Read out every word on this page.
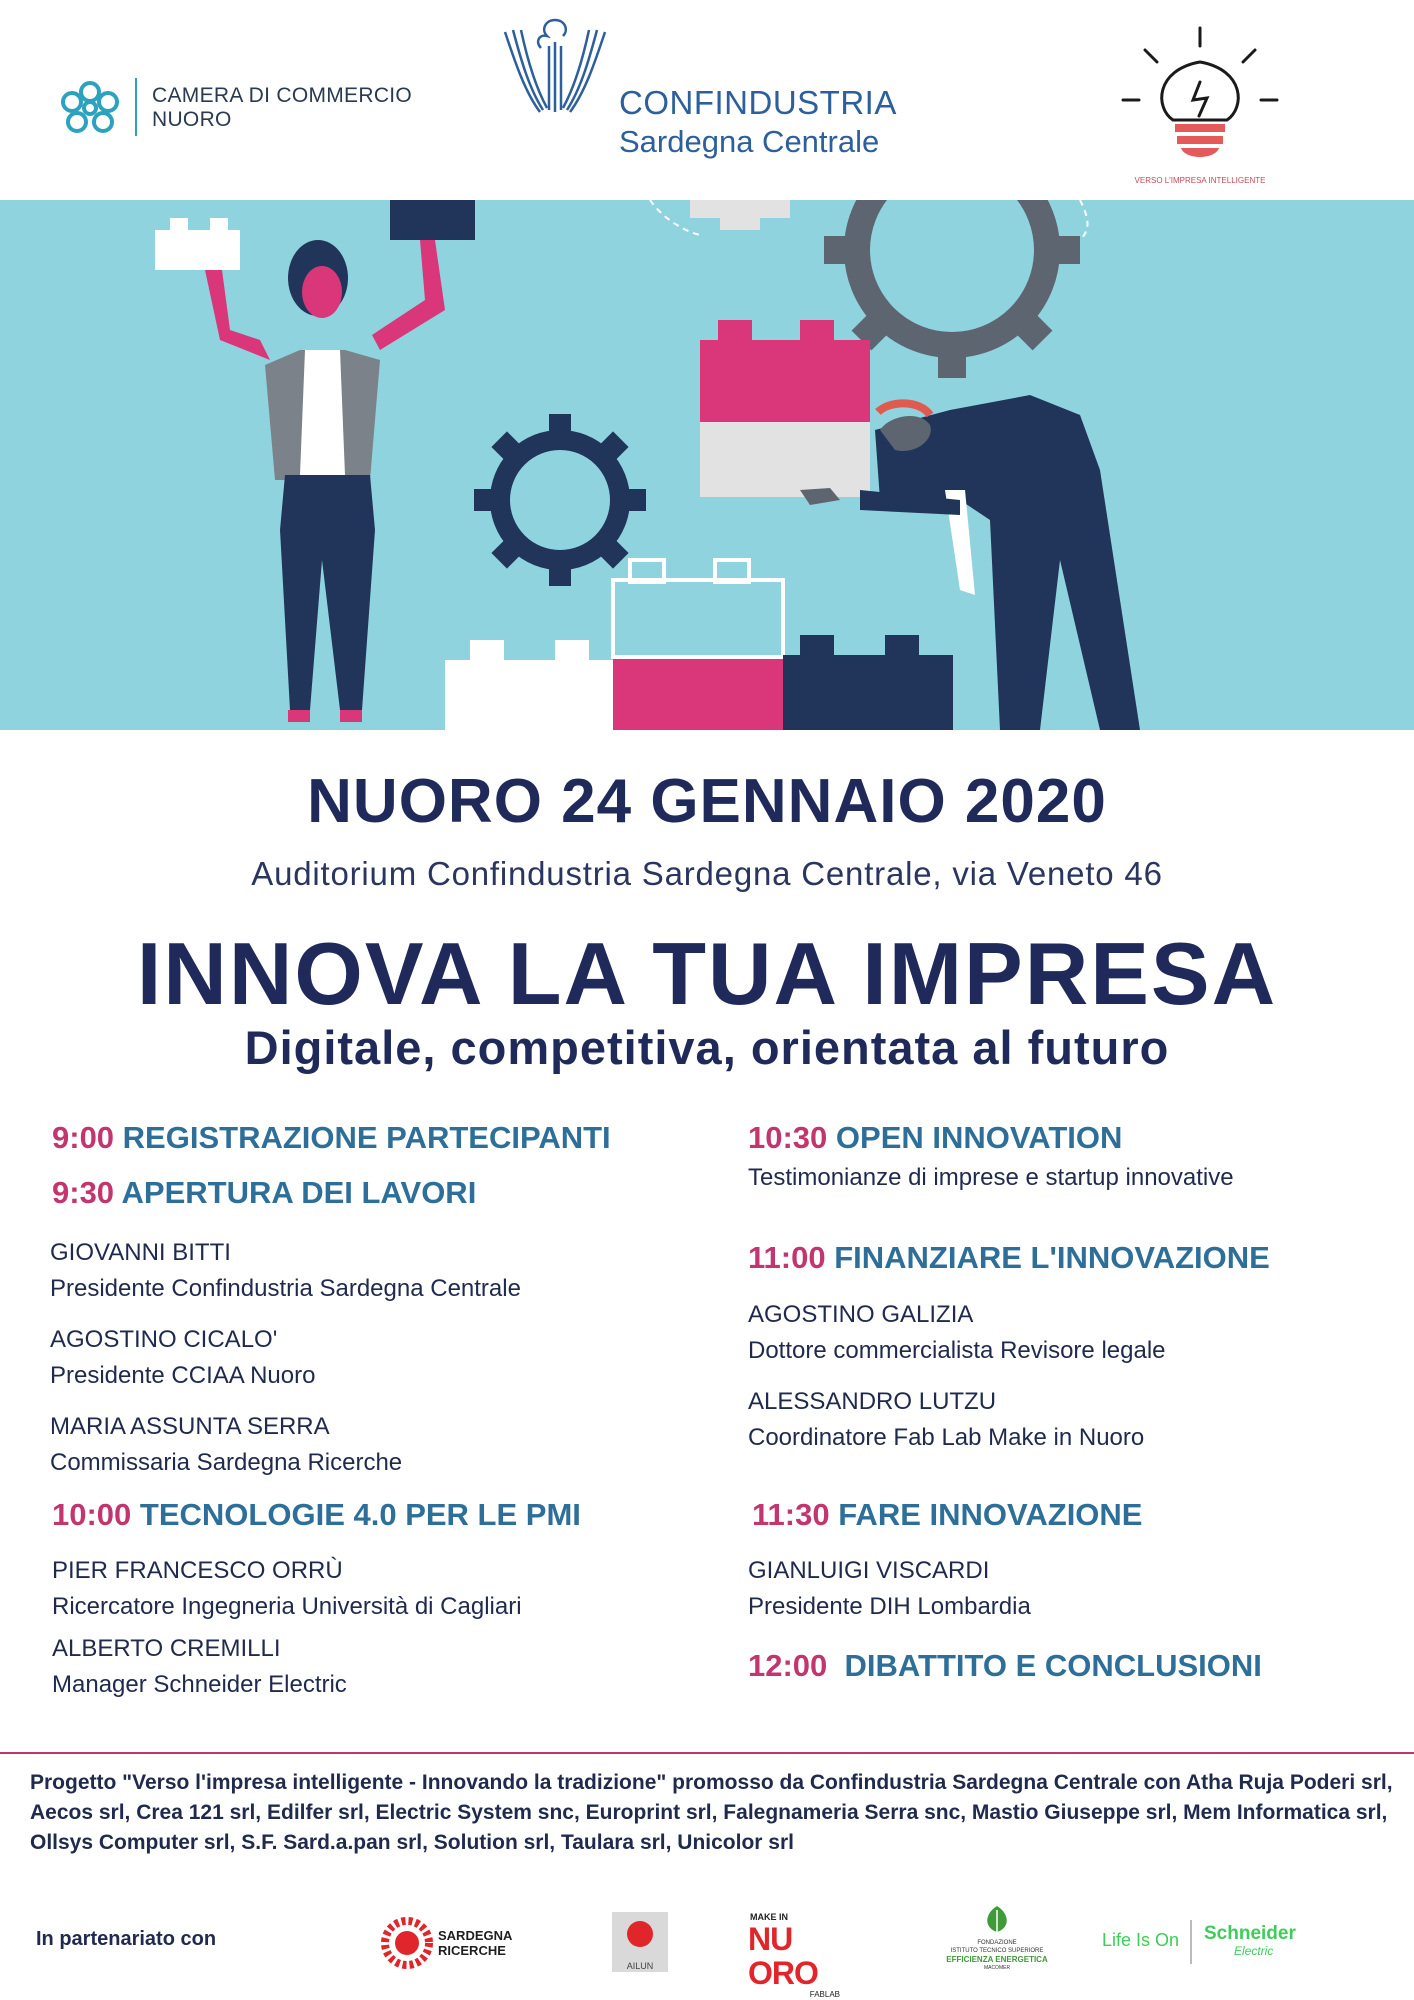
CAMERA DI COMMERCIO
NUORO	CONFINDUSTRIA
Sardegna Centrale
VERSO L'IMPRESA INTELLIGENTE
NUORO 24 GENNAIO 2020
Auditorium Confindustria Sardegna Centrale, via Veneto 46
INNOVA LA TUA IMPRESA
Digitale, competitiva, orientata al futuro
9:00 REGISTRAZIONE PARTECIPANTI
9:30 APERTURA DEI LAVORI
GIOVANNI BITTI
Presidente Confindustria Sardegna Centrale
AGOSTINO CICALO'
Presidente CCIAA Nuoro
MARIA ASSUNTA SERRA
Commissaria Sardegna Ricerche
10:00 TECNOLOGIE 4.0 PER LE PMI
PIER FRANCESCO ORRÙ
Ricercatore Ingegneria Università di Cagliari
ALBERTO CREMILLI
Manager Schneider Electric
10:30 OPEN INNOVATION
Testimonianze di imprese e startup innovative
11:00 FINANZIARE L'INNOVAZIONE
AGOSTINO GALIZIA
Dottore commercialista Revisore legale
ALESSANDRO LUTZU
Coordinatore Fab Lab Make in Nuoro
11:30 FARE INNOVAZIONE
GIANLUIGI VISCARDI
Presidente DIH Lombardia
12:00 DIBATTITO E CONCLUSIONI
Progetto "Verso l'impresa intelligente - Innovando la tradizione" promosso da Confindustria Sardegna Centrale con Atha Ruja Poderi srl, Aecos srl, Crea 121 srl, Edilfer srl, Electric System snc, Europrint srl, Falegnameria Serra snc, Mastio Giuseppe srl, Mem Informatica srl, Ollsys Computer srl, S.F. Sard.a.pan srl, Solution srl, Taulara srl, Unicolor srl
In partenariato con	SARDEGNA
RICERCHE
AILUN
MAKE IN
NU ORO
FABLAB
FONDAZIONE
ISTITUTO TECNICO SUPERIORE
EFFICIENZA ENERGETICA
MACOMER
Life Is On	Schneider
Electric
